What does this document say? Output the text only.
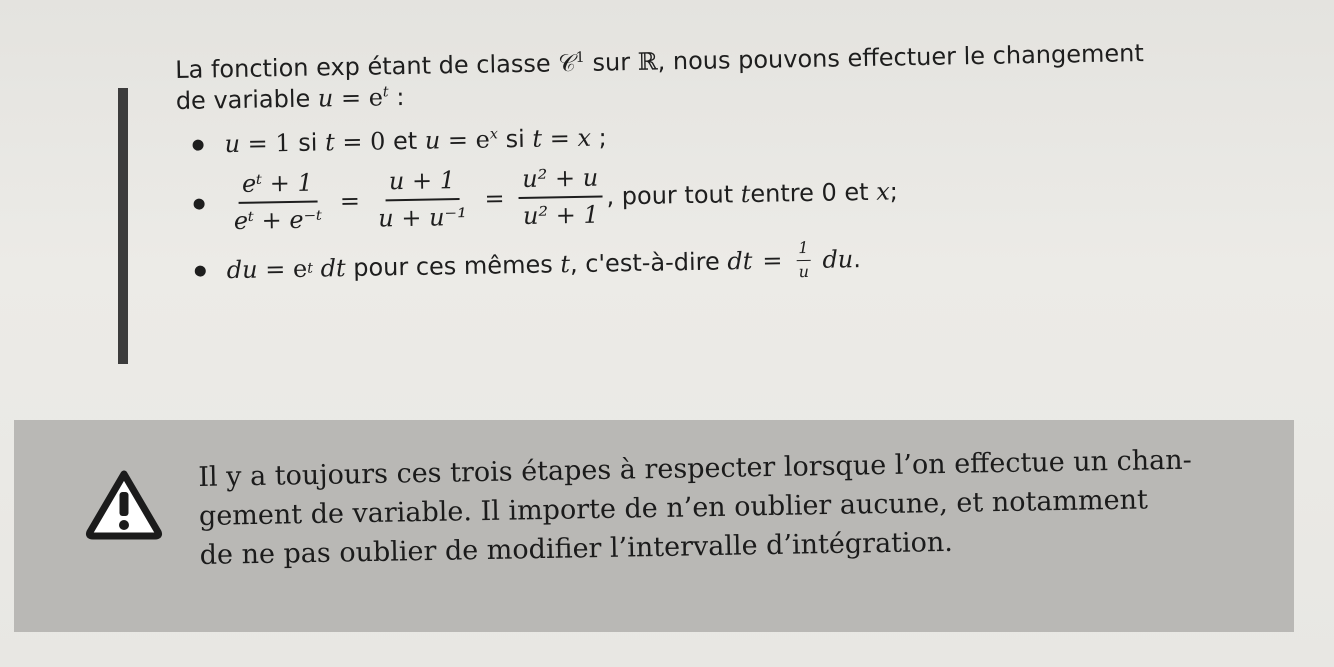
La fonction exp étant de classe 𝒞$^1$ sur ℝ, nous pouvons effectuer le changement

de variable $u = e^t$ :

u = 1 si t = 0 et $u = e^x$ si t = x ;
$\frac{\text{eᵗ + 1}}{\text{eᵗ + e⁻ᵗ}} = \frac{u + 1}{\text{u + u⁻¹}} = \frac{\text{u² + u}}{\text{u² + 1}}$ , pour tout
t entre 0 et
x ;
du = e t dt pour ces mêmes t , c'est-à-dire dt = $\frac{1}{u}$ du .

Il y a toujours ces trois étapes à respecter lorsque l’on effectue un chan-
gement de variable. Il importe de n’en oublier aucune, et notamment
de ne pas oublier de modifier l’intervalle d’intégration.
